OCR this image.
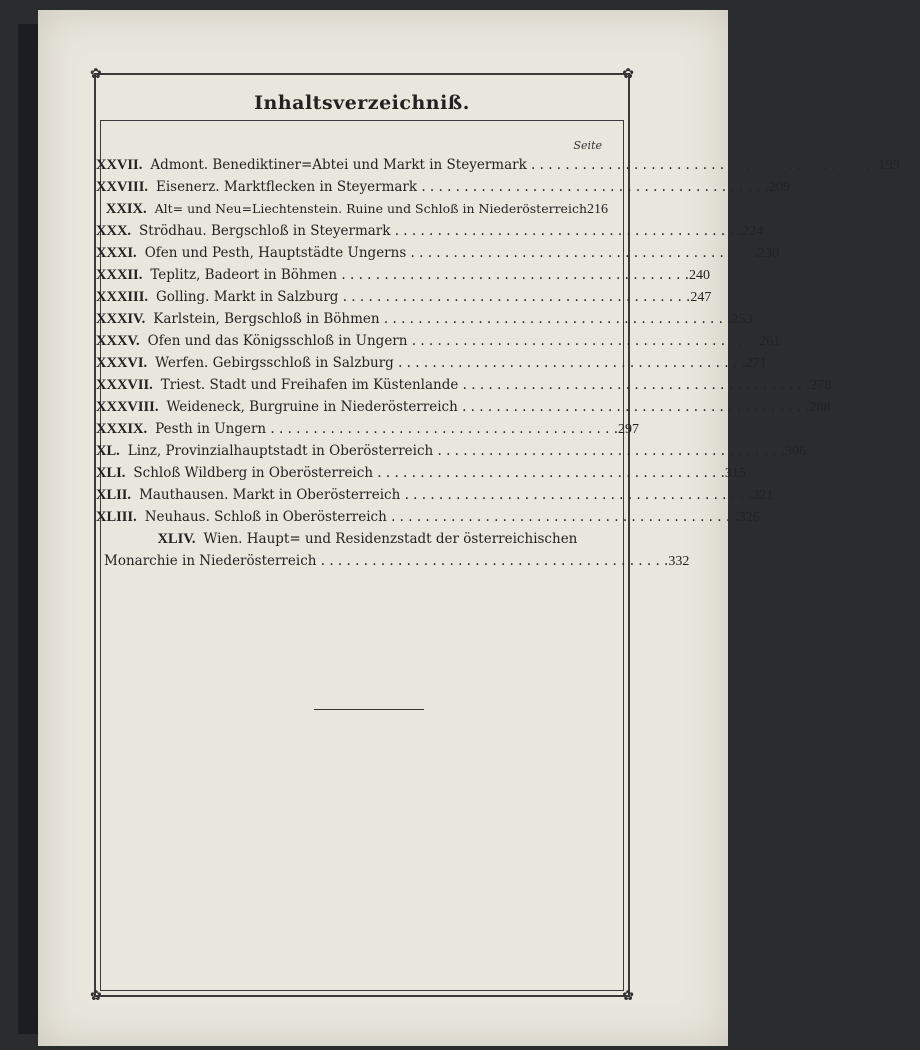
✿	✿
✿	✿
Inhaltsverzeichniß.
Seite
XXVII. Admont. Benediktiner=Abtei und Markt in Steyermark . . .	199
XXVIII. Eisenerz. Marktflecken in Steyermark . . .	209
XXIX. Alt= und Neu=Liechtenstein. Ruine und Schloß in Niederösterreich 216
XXX. Strödhau. Bergschloß in Steyermark . . .	224
XXXI. Ofen und Pesth, Hauptstädte Ungerns . . .	230
XXXII. Teplitz, Badeort in Böhmen . . .	240
XXXIII. Golling. Markt in Salzburg . . .	247
XXXIV. Karlstein, Bergschloß in Böhmen . . .	253
XXXV. Ofen und das Königsschloß in Ungern . . .	261
XXXVI. Werfen. Gebirgsschloß in Salzburg . . .	271
XXXVII. Triest. Stadt und Freihafen im Küstenlande . . .	278
XXXVIII. Weideneck, Burgruine in Niederösterreich . . .	288
XXXIX. Pesth in Ungern . . .	297
XL. Linz, Provinzialhauptstadt in Oberösterreich . . .	306
XLI. Schloß Wildberg in Oberösterreich . . .	315
XLII. Mauthausen. Markt in Oberösterreich . . .	321
XLIII. Neuhaus. Schloß in Oberösterreich . . .	326
XLIV. Wien. Haupt= und Residenzstadt der österreichischen
Monarchie in Niederösterreich . . .	332
